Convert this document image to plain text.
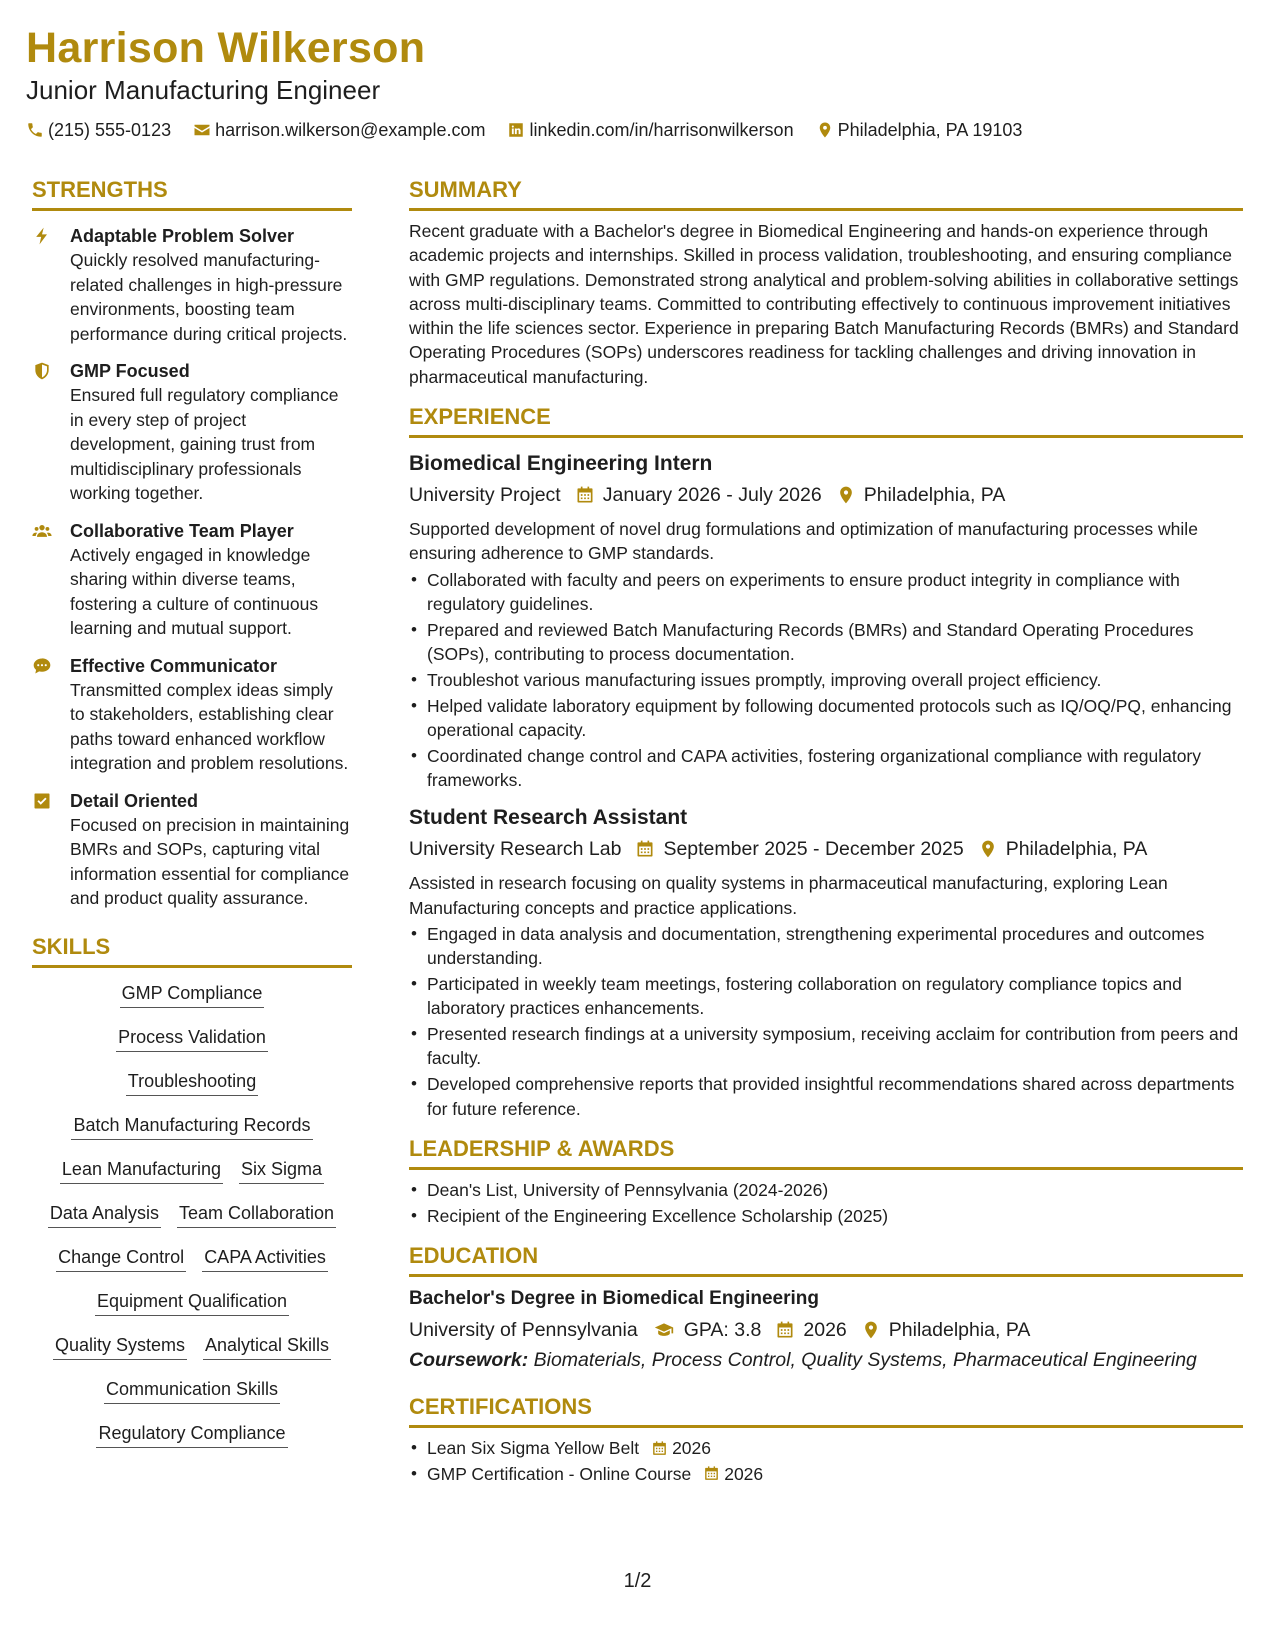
Harrison Wilkerson
Junior Manufacturing Engineer
(215) 555-0123 harrison.wilkerson@example.com linkedin.com/in/harrisonwilkerson Philadelphia, PA 19103
STRENGTHS
Adaptable Problem Solver
Quickly resolved manufacturing-related challenges in high-pressure environments, boosting team performance during critical projects.
GMP Focused
Ensured full regulatory compliance in every step of project development, gaining trust from multidisciplinary professionals working together.
Collaborative Team Player
Actively engaged in knowledge sharing within diverse teams, fostering a culture of continuous learning and mutual support.
Effective Communicator
Transmitted complex ideas simply to stakeholders, establishing clear paths toward enhanced workflow integration and problem resolutions.
Detail Oriented
Focused on precision in maintaining BMRs and SOPs, capturing vital information essential for compliance and product quality assurance.
SKILLS
GMP Compliance
Process Validation
Troubleshooting
Batch Manufacturing Records
Lean Manufacturing Six Sigma
Data Analysis Team Collaboration
Change Control CAPA Activities
Equipment Qualification
Quality Systems Analytical Skills
Communication Skills
Regulatory Compliance
SUMMARY
Recent graduate with a Bachelor's degree in Biomedical Engineering and hands-on experience through academic projects and internships. Skilled in process validation, troubleshooting, and ensuring compliance with GMP regulations. Demonstrated strong analytical and problem-solving abilities in collaborative settings across multi-disciplinary teams. Committed to contributing effectively to continuous improvement initiatives within the life sciences sector. Experience in preparing Batch Manufacturing Records (BMRs) and Standard Operating Procedures (SOPs) underscores readiness for tackling challenges and driving innovation in pharmaceutical manufacturing.
EXPERIENCE
Biomedical Engineering Intern
University Project January 2026 - July 2026 Philadelphia, PA
Supported development of novel drug formulations and optimization of manufacturing processes while ensuring adherence to GMP standards.
• Collaborated with faculty and peers on experiments to ensure product integrity in compliance with regulatory guidelines.
• Prepared and reviewed Batch Manufacturing Records (BMRs) and Standard Operating Procedures (SOPs), contributing to process documentation.
• Troubleshot various manufacturing issues promptly, improving overall project efficiency.
• Helped validate laboratory equipment by following documented protocols such as IQ/OQ/PQ, enhancing operational capacity.
• Coordinated change control and CAPA activities, fostering organizational compliance with regulatory frameworks.
Student Research Assistant
University Research Lab September 2025 - December 2025 Philadelphia, PA
Assisted in research focusing on quality systems in pharmaceutical manufacturing, exploring Lean Manufacturing concepts and practice applications.
• Engaged in data analysis and documentation, strengthening experimental procedures and outcomes understanding.
• Participated in weekly team meetings, fostering collaboration on regulatory compliance topics and laboratory practices enhancements.
• Presented research findings at a university symposium, receiving acclaim for contribution from peers and faculty.
• Developed comprehensive reports that provided insightful recommendations shared across departments for future reference.
LEADERSHIP & AWARDS
• Dean's List, University of Pennsylvania (2024-2026)
• Recipient of the Engineering Excellence Scholarship (2025)
EDUCATION
Bachelor's Degree in Biomedical Engineering
University of Pennsylvania GPA: 3.8 2026 Philadelphia, PA
Coursework: Biomaterials, Process Control, Quality Systems, Pharmaceutical Engineering
CERTIFICATIONS
• Lean Six Sigma Yellow Belt 2026
• GMP Certification - Online Course 2026
1/2
